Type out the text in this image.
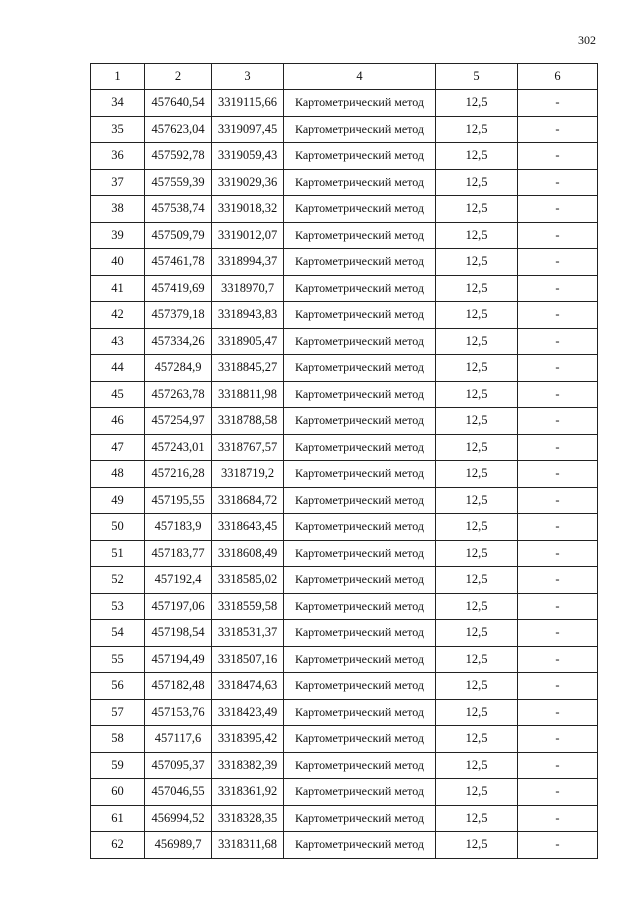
302
1	2	3	4	5	6
34	457640,54	3319115,66	Картометрический метод	12,5	-
35	457623,04	3319097,45	Картометрический метод	12,5	-
36	457592,78	3319059,43	Картометрический метод	12,5	-
37	457559,39	3319029,36	Картометрический метод	12,5	-
38	457538,74	3319018,32	Картометрический метод	12,5	-
39	457509,79	3319012,07	Картометрический метод	12,5	-
40	457461,78	3318994,37	Картометрический метод	12,5	-
41	457419,69	3318970,7	Картометрический метод	12,5	-
42	457379,18	3318943,83	Картометрический метод	12,5	-
43	457334,26	3318905,47	Картометрический метод	12,5	-
44	457284,9	3318845,27	Картометрический метод	12,5	-
45	457263,78	3318811,98	Картометрический метод	12,5	-
46	457254,97	3318788,58	Картометрический метод	12,5	-
47	457243,01	3318767,57	Картометрический метод	12,5	-
48	457216,28	3318719,2	Картометрический метод	12,5	-
49	457195,55	3318684,72	Картометрический метод	12,5	-
50	457183,9	3318643,45	Картометрический метод	12,5	-
51	457183,77	3318608,49	Картометрический метод	12,5	-
52	457192,4	3318585,02	Картометрический метод	12,5	-
53	457197,06	3318559,58	Картометрический метод	12,5	-
54	457198,54	3318531,37	Картометрический метод	12,5	-
55	457194,49	3318507,16	Картометрический метод	12,5	-
56	457182,48	3318474,63	Картометрический метод	12,5	-
57	457153,76	3318423,49	Картометрический метод	12,5	-
58	457117,6	3318395,42	Картометрический метод	12,5	-
59	457095,37	3318382,39	Картометрический метод	12,5	-
60	457046,55	3318361,92	Картометрический метод	12,5	-
61	456994,52	3318328,35	Картометрический метод	12,5	-
62	456989,7	3318311,68	Картометрический метод	12,5	-
